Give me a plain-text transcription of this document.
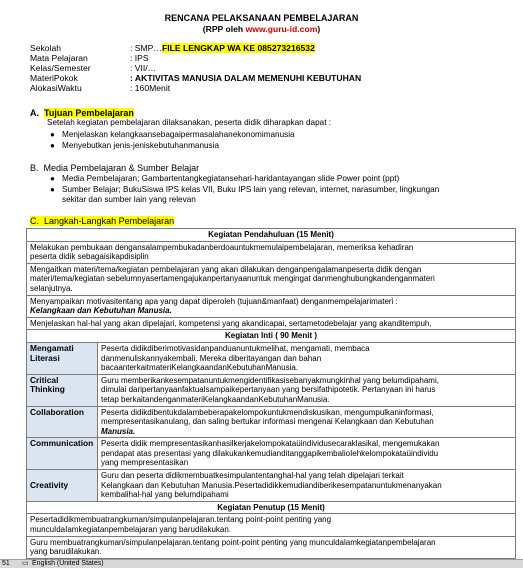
RENCANA PELAKSANAAN PEMBELAJARAN
(RPP oleh www.guru-id.com)
Sekolah	: SMP…FILE LENGKAP WA KE 085273216532
Mata Pelajaran	: IPS
Kelas/Semester	: VII/…
MateriPokok	: AKTIVITAS MANUSIA DALAM MEMENUHI KEBUTUHAN
AlokasiWaktu	: 160Menit
A. Tujuan Pembelajaran
Setelah kegiatan pembelajaran dilaksanakan, peserta didik diharapkan dapat :
● Menjelaskan kelangkaansebagaipermasalahanekonomimanusia
● Menyebutkan jenis-jeniskebutuhanmanusia
B. Media Pembelajaran & Sumber Belajar
● Media Pembelajaran; Gambartentangkegiatansehari-haridantayangan slide Power point (ppt)
● Sumber Belajar; BukuSiswa IPS kelas VII, Buku IPS lain yang relevan, internet, narasumber, lingkungan
sekitar dan sumber lain yang relevan
C. Langkah-Langkah Pembelajaran
Kegiatan Pendahuluan (15 Menit)	

Melakukan pembukaan dengansalampembukadanberdoauntukmemulaipembelajaran, memeriksa kehadiran
peserta didik sebagaisikapdisiplin	

Mengaitkan materi/tema/kegiatan pembelajaran yang akan dilakukan denganpengalamanpeserta didik dengan
materi/tema/kegiatan sebelumnyasertamengajukanpertanyaanuntuk mengingat danmenghubungkandenganmateri
selanjutnya.	

Menyampaikan motivasitentang apa yang dapat diperoleh (tujuan&manfaat) denganmempelajarimateri :
Kelangkaan dan Kebutuhan Manusia.	

Menjelaskan hal-hal yang akan dipelajari, kompetensi yang akandicapai, sertametodebelajar yang akanditempuh,	

Kegiatan Inti ( 90 Menit )	
Mengamati Literasi	Peserta didikdiberimotivasidanpanduanuntukmelihat, mengamati, membaca
danmenuliskannyakembali. Mereka diberitayangan dan bahan
bacaanterkaitmateriKelangkaandanKebutuhanManusia.

Critical Thinking	Guru memberikankesempatanuntukmengidentifikasisebanyakmungkinhal yang belumdipahami,
dimulai daripertanyaanfaktualsampaikepertanyaan yang bersifathipotetik. Pertanyaan ini harus
tetap berkaitandenganmateriKelangkaandanKebutuhanManusia.

Collaboration	Peserta didikdibentukdalambeberapakelompokuntukmendiskusikan, mengumpulkaninformasi,
mempresentasikanulang, dan saling bertukar informasi mengenai Kelangkaan dan Kebutuhan
Manusia.

Communication	Peserta didik mempresentasikanhasilkerjakelompokataüindividusecaraklasikal, mengemukakan
pendapat atas presentasi yang dilakukankemudianditanggapikembalioIehkelompokataüindividu
yang mempresentasikan

Creativity	Guru dan peserta didikmembuatkesimpulantentanghal-hal yang telah dipelajari terkait
Kelangkaan dan Kebutuhan Manusia.Pesertadidikkemudiandiberikesempatanuntukmenanyakan
kembalihal-hal yang belumdipahami

Kegiatan Penutup (15 Menit)	

Pesertadidikmembuatrangkuman/simpulanpelajaran.tentang point-point penting yang
muncuIdaIamkegiatanpembelajaran yang barudilakukan.	

Guru membuatrangkuman/simpulanpelajaran.tentang point-point penting yang munculdalamkegiatanpembelajaran
yang barudilakukan.	
51 ▭ English (United States)
